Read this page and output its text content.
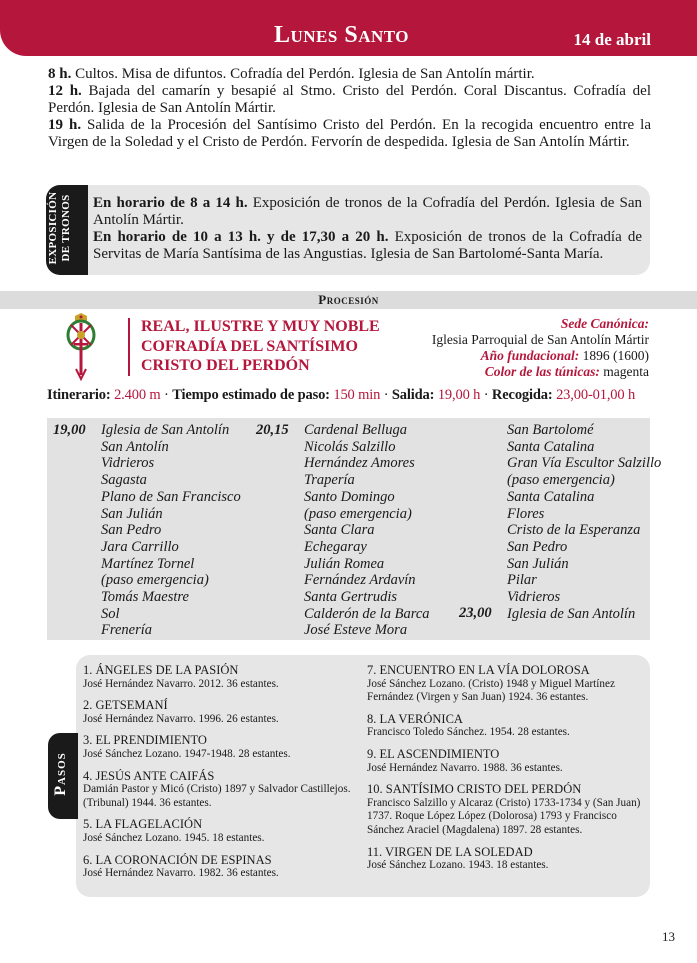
Lunes Santo	14 de abril

8 h. Cultos. Misa de difuntos. Cofradía del Perdón. Iglesia de San Antolín mártir.

12 h. Bajada del camarín y besapié al Stmo. Cristo del Perdón. Coral Discantus. Cofradía del Perdón. Iglesia de San Antolín Mártir.

19 h. Salida de la Procesión del Santísimo Cristo del Perdón. En la recogida encuentro entre la Virgen de la Soledad y el Cristo de Perdón. Fervorín de despedida. Iglesia de San Antolín Mártir.

EXPOSICIÓN DE TRONOS En horario de 8 a 14 h. Exposición de tronos de la Cofradía del Perdón. Iglesia de San Antolín Mártir.

En horario de 10 a 13 h. y de 17,30 a 20 h. Exposición de tronos de la Cofradía de Servitas de María Santísima de las Angustias. Iglesia de San Bartolomé-Santa María.

Procesión
REAL, ILUSTRE Y MUY NOBLE
COFRADÍA DEL SANTÍSIMO
CRISTO DEL PERDÓN
Sede Canónica:
Iglesia Parroquial de San Antolín Mártir
Año fundacional: 1896 (1600)
Color de las túnicas: magenta
Itinerario: 2.400 m · Tiempo estimado de paso: 150 min · Salida: 19,00 h · Recogida: 23,00-01,00 h
19,00	20,15
23,00
Iglesia de San Antolín
San Antolín
Vidrieros
Sagasta
Plano de San Francisco
San Julián
San Pedro
Jara Carrillo
Martínez Tornel
(paso emergencia)
Tomás Maestre
Sol
Frenería
Cardenal Belluga
Nicolás Salzillo
Hernández Amores
Trapería
Santo Domingo
(paso emergencia)
Santa Clara
Echegaray
Julián Romea
Fernández Ardavín
Santa Gertrudis
Calderón de la Barca
José Esteve Mora
San Bartolomé
Santa Catalina
Gran Vía Escultor Salzillo
(paso emergencia)
Santa Catalina
Flores
Cristo de la Esperanza
San Pedro
San Julián
Pilar
Vidrieros
Iglesia de San Antolín
Pasos
1. ÁNGELES DE LA PASIÓN
José Hernández Navarro. 2012. 36 estantes.
2. GETSEMANÍ
José Hernández Navarro. 1996. 26 estantes.
3. EL PRENDIMIENTO
José Sánchez Lozano. 1947-1948. 28 estantes.
4. JESÚS ANTE CAIFÁS
Damián Pastor y Micó (Cristo) 1897 y Salvador Castillejos. (Tribunal) 1944. 36 estantes.
5. LA FLAGELACIÓN
José Sánchez Lozano. 1945. 18 estantes.
6. LA CORONACIÓN DE ESPINAS
José Hernández Navarro. 1982. 36 estantes.
7. ENCUENTRO EN LA VÍA DOLOROSA
José Sánchez Lozano. (Cristo) 1948 y Miguel Martínez Fernández (Virgen y San Juan) 1924. 36 estantes.
8. LA VERÓNICA
Francisco Toledo Sánchez. 1954. 28 estantes.
9. EL ASCENDIMIENTO
José Hernández Navarro. 1988. 36 estantes.
10. SANTÍSIMO CRISTO DEL PERDÓN
Francisco Salzillo y Alcaraz (Cristo) 1733-1734 y (San Juan) 1737. Roque López López (Dolorosa) 1793 y Francisco Sánchez Araciel (Magdalena) 1897. 28 estantes.
11. VIRGEN DE LA SOLEDAD
José Sánchez Lozano. 1943. 18 estantes.
13
